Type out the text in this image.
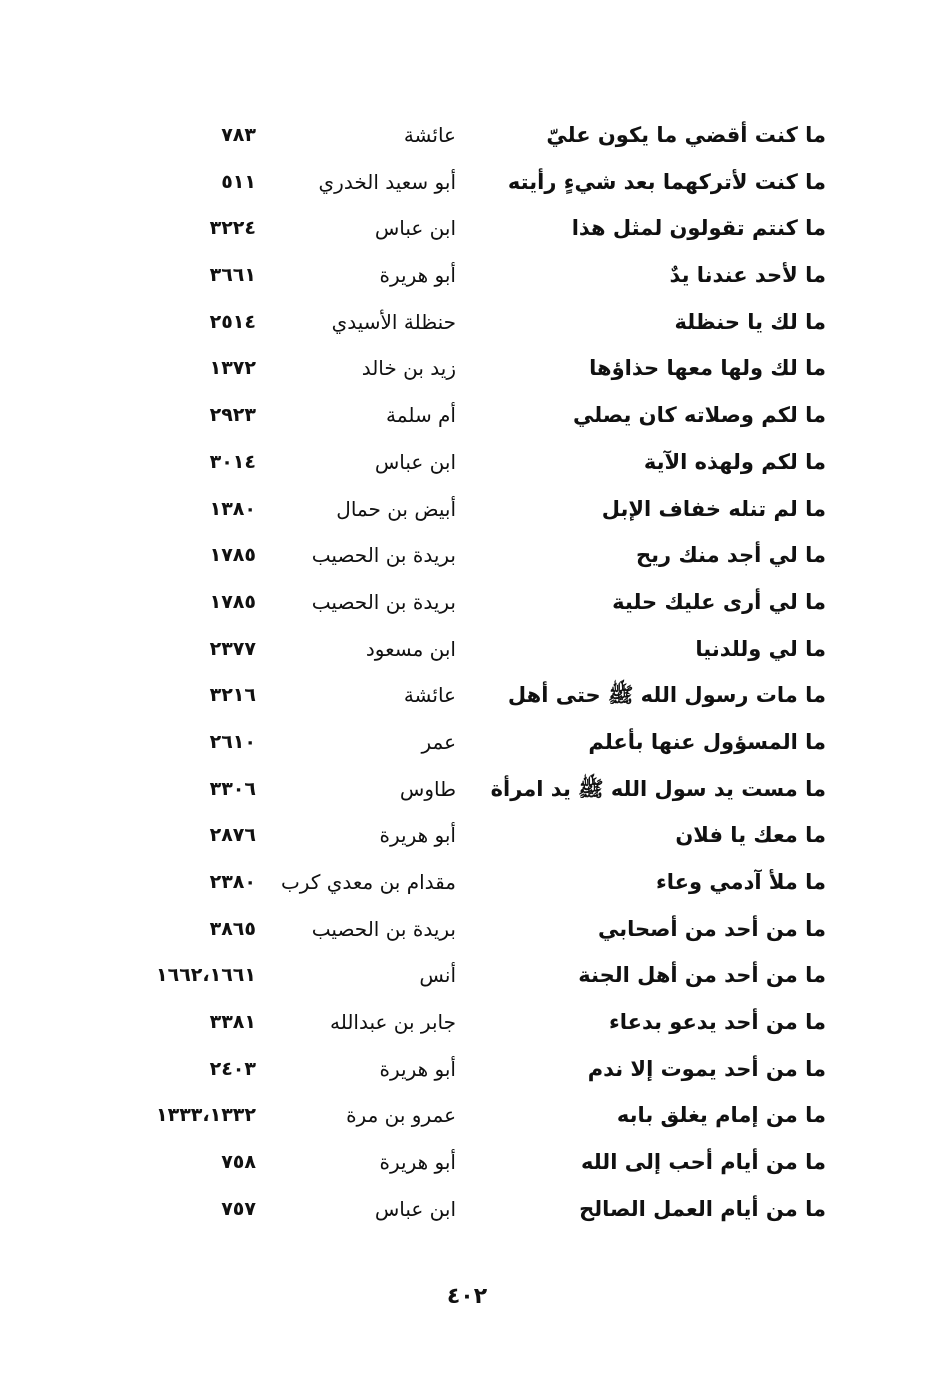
ما كنت أقضي ما يكون عليّ
عائشة
٧٨٣
ما كنت لأتركهما بعد شيءٍ رأيته
أبو سعيد الخدري
٥١١
ما كنتم تقولون لمثل هذا
ابن عباس
٣٢٢٤
ما لأحد عندنا يدٌ
أبو هريرة
٣٦٦١
ما لك يا حنظلة
حنظلة الأسيدي
٢٥١٤
ما لك ولها معها حذاؤها
زيد بن خالد
١٣٧٢
ما لكم وصلاته كان يصلي
أم سلمة
٢٩٢٣
ما لكم ولهذه الآية
ابن عباس
٣٠١٤
ما لم تنله خفاف الإبل
أبيض بن حمال
١٣٨٠
ما لي أجد منك ريح
بريدة بن الحصيب
١٧٨٥
ما لي أرى عليك حلية
بريدة بن الحصيب
١٧٨٥
ما لي وللدنيا
ابن مسعود
٢٣٧٧
ما مات رسول الله ﷺ حتى أهل
عائشة
٣٢١٦
ما المسؤول عنها بأعلم
عمر
٢٦١٠
ما مست يد سول الله ﷺ يد امرأة
طاوس
٣٣٠٦
ما معك يا فلان
أبو هريرة
٢٨٧٦
ما ملأ آدمي وعاء
مقدام بن معدي كرب
٢٣٨٠
ما من أحد من أصحابي
بريدة بن الحصيب
٣٨٦٥
ما من أحد من أهل الجنة
أنس
١٦٦٢،١٦٦١
ما من أحد يدعو بدعاء
جابر بن عبدالله
٣٣٨١
ما من أحد يموت إلا ندم
أبو هريرة
٢٤٠٣
ما من إمام يغلق بابه
عمرو بن مرة
١٣٣٣،١٣٣٢
ما من أيام أحب إلى الله
أبو هريرة
٧٥٨
ما من أيام العمل الصالح
ابن عباس
٧٥٧
٤٠٢
